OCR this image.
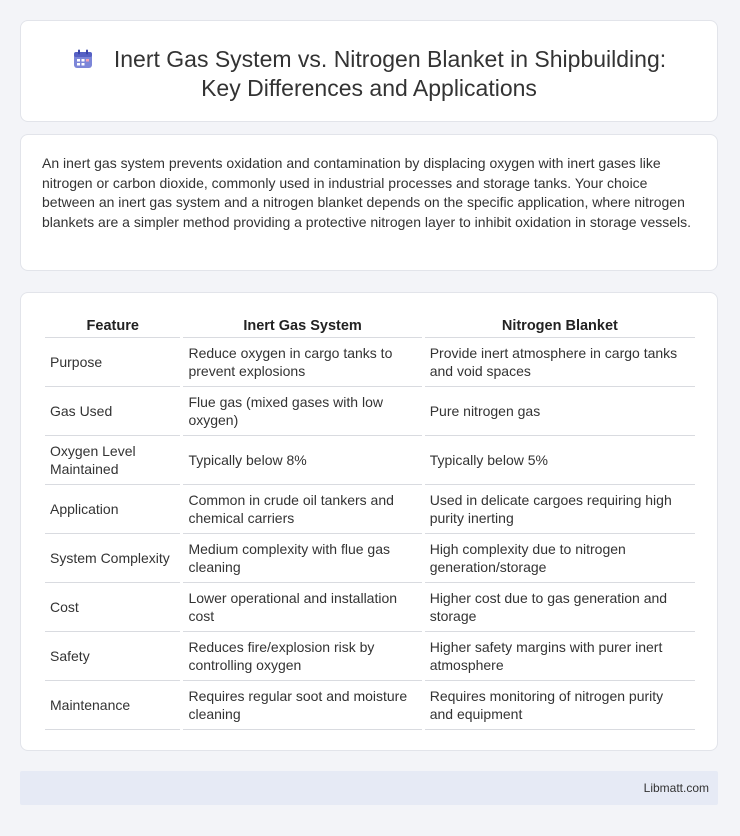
Inert Gas System vs. Nitrogen Blanket in Shipbuilding:
Key Differences and Applications

An inert gas system prevents oxidation and contamination by displacing oxygen with inert gases like nitrogen or carbon dioxide, commonly used in industrial processes and storage tanks. Your choice between an inert gas system and a nitrogen blanket depends on the specific application, where nitrogen blankets are a simpler method providing a protective nitrogen layer to inhibit oxidation in storage vessels.

Feature	Inert Gas System	Nitrogen Blanket
Purpose	Reduce oxygen in cargo tanks to prevent explosions	Provide inert atmosphere in cargo tanks and void spaces
Gas Used	Flue gas (mixed gases with low oxygen)	Pure nitrogen gas
Oxygen Level Maintained	Typically below 8%	Typically below 5%
Application	Common in crude oil tankers and chemical carriers	Used in delicate cargoes requiring high purity inerting
System Complexity	Medium complexity with flue gas cleaning	High complexity due to nitrogen generation/storage
Cost	Lower operational and installation cost	Higher cost due to gas generation and storage
Safety	Reduces fire/explosion risk by controlling oxygen	Higher safety margins with purer inert atmosphere
Maintenance	Requires regular soot and moisture cleaning	Requires monitoring of nitrogen purity and equipment
Libmatt.com
